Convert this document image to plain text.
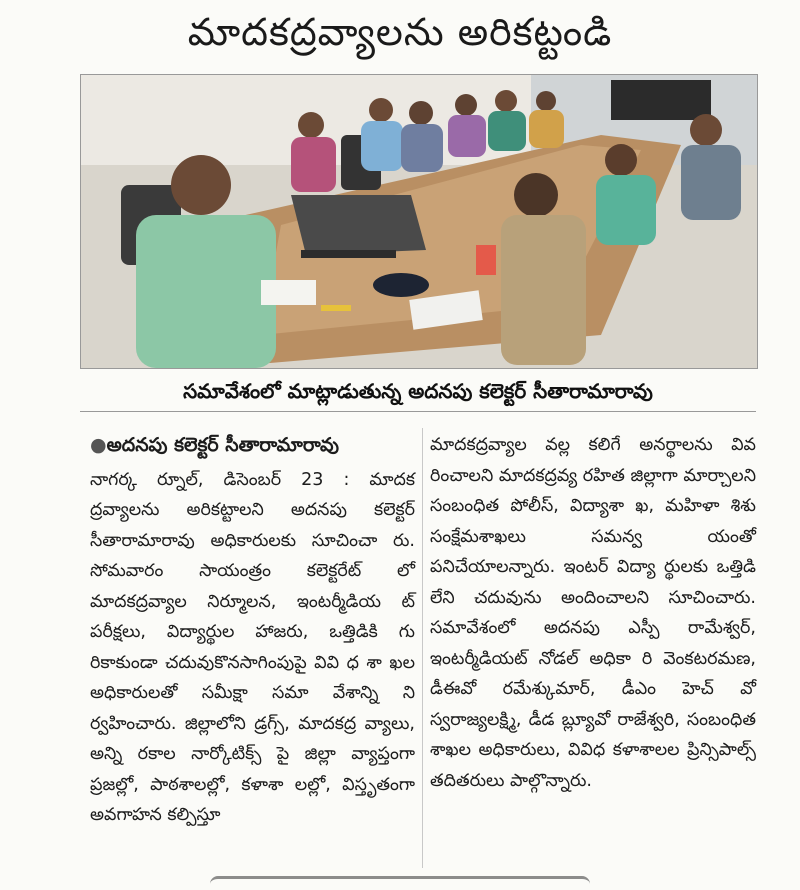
మాదకద్రవ్యాలను అరికట్టండి
సమావేశంలో మాట్లాడుతున్న అదనపు కలెక్టర్ సీతారామారావు
●అదనపు కలెక్టర్ సీతారామారావు
నాగర్క ర్నూల్, డిసెంబర్ 23 : మాదక ద్రవ్యాలను అరికట్టాలని అదనపు కలెక్టర్ సీతారామారావు అధికారులకు సూచించా రు. సోమవారం సాయంత్రం కలెక్టరేట్ లో మాదకద్రవ్యాల నిర్మూలన, ఇంటర్మీడియ ట్ పరీక్షలు, విద్యార్థుల హాజరు, ఒత్తిడికి గు రికాకుండా చదువుకొనసాగింపుపై వివి ధ శా ఖల అధికారులతో సమీక్షా సమా వేశాన్ని ని ర్వహించారు. జిల్లాలోని డ్రగ్స్, మాదకద్ర వ్యాలు, అన్ని రకాల నార్కోటిక్స్ పై జిల్లా వ్యాప్తంగా ప్రజల్లో, పాఠశాలల్లో, కళాశా లల్లో, విస్తృతంగా అవగాహన కల్పిస్తూ
మాదకద్రవ్యాల వల్ల కలిగే అనర్థాలను వివ రించాలని మాదకద్రవ్య రహిత జిల్లాగా మార్చాలని సంబంధిత పోలీస్, విద్యాశా ఖ, మహిళా శిశు సంక్షేమశాఖలు సమన్వ యంతో పనిచేయాలన్నారు. ఇంటర్ విద్యా ర్థులకు ఒత్తిడి లేని చదువును అందించాలని సూచించారు. సమావేశంలో అదనపు ఎస్పీ రామేశ్వర్, ఇంటర్మీడియట్ నోడల్ అధికా రి వెంకటరమణ, డీఈవో రమేశ్కుమార్, డీఎం హెచ్ వో స్వరాజ్యలక్ష్మి, డీడ బ్ల్యూవో రాజేశ్వరి, సంబంధిత శాఖల అధికారులు, వివిధ కళాశాలల ప్రిన్సిపాల్స్ తదితరులు పాల్గొన్నారు.
